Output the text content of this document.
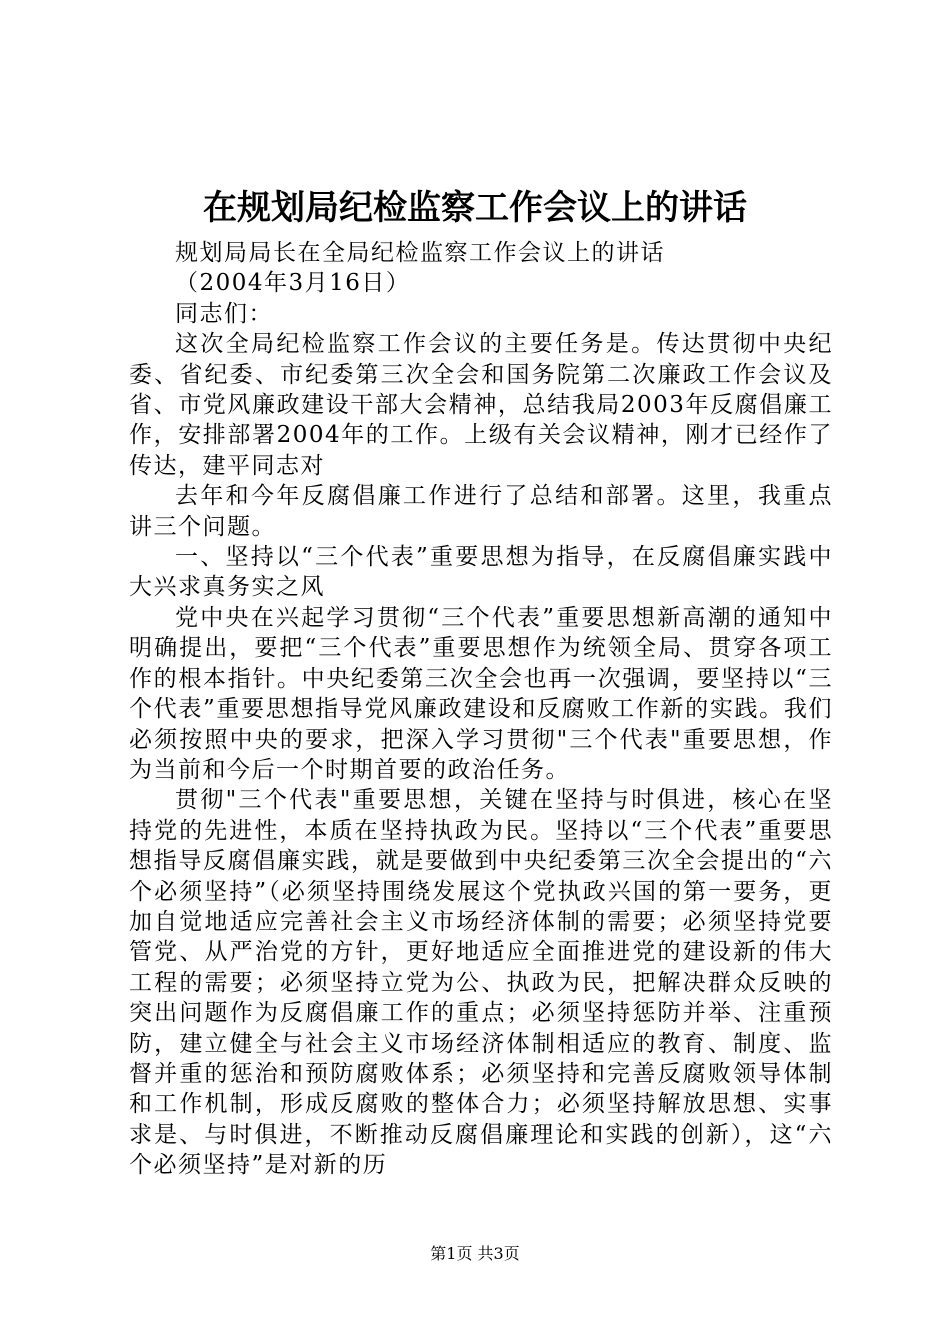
在规划局纪检监察工作会议上的讲话

规划局局长在全局纪检监察工作会议上的讲话

（2004年3月16日）

同志们：

这次全局纪检监察工作会议的主要任务是。传达贯彻中央纪委、省纪委、市纪委第三次全会和国务院第二次廉政工作会议及省、市党风廉政建设干部大会精神，总结我局2003年反腐倡廉工作，安排部署2004年的工作。上级有关会议精神，刚才已经作了传达，建平同志对

去年和今年反腐倡廉工作进行了总结和部署。这里，我重点讲三个问题。

一、坚持以“三个代表”重要思想为指导，在反腐倡廉实践中大兴求真务实之风

党中央在兴起学习贯彻“三个代表”重要思想新高潮的通知中明确提出，要把“三个代表”重要思想作为统领全局、贯穿各项工作的根本指针。中央纪委第三次全会也再一次强调，要坚持以“三个代表”重要思想指导党风廉政建设和反腐败工作新的实践。我们必须按照中央的要求，把深入学习贯彻"三个代表"重要思想，作为当前和今后一个时期首要的政治任务。

贯彻"三个代表"重要思想，关键在坚持与时俱进，核心在坚持党的先进性，本质在坚持执政为民。坚持以“三个代表”重要思想指导反腐倡廉实践，就是要做到中央纪委第三次全会提出的“六个必须坚持”（必须坚持围绕发展这个党执政兴国的第一要务，更加自觉地适应完善社会主义市场经济体制的需要；必须坚持党要管党、从严治党的方针，更好地适应全面推进党的建设新的伟大工程的需要；必须坚持立党为公、执政为民，把解决群众反映的突出问题作为反腐倡廉工作的重点；必须坚持惩防并举、注重预防，建立健全与社会主义市场经济体制相适应的教育、制度、监督并重的惩治和预防腐败体系；必须坚持和完善反腐败领导体制和工作机制，形成反腐败的整体合力；必须坚持解放思想、实事求是、与时俱进，不断推动反腐倡廉理论和实践的创新），这“六个必须坚持”是对新的历

第1页 共3页
